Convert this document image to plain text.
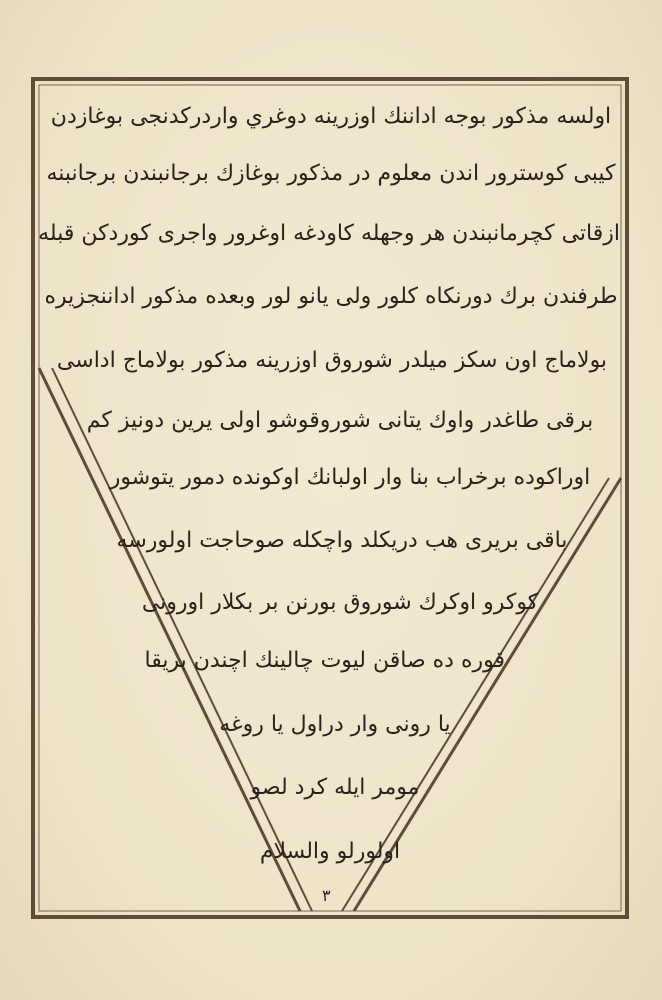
اولسه مذكور بوجه اداننك اوزرينه دوغري واردركدنجى بوغازدن
كيبى كوسترور اندن معلوم در مذكور بوغازك برجانبندن برجانبنه
ازقاتى كچرمانبندن هر وجهله كاودغه اوغرور واجرى كوردكن قبله
طرفندن برك دورنكاه كلور ولى يانو لور وبعده مذكور اداننجزيره
بولاماج اون سكز ميلدر شوروق اوزرينه مذكور بولاماج اداسى
برقى طاغدر واوك يتانى شوروقوشو اولى يرين دونيز كم
اوراكوده برخراب بنا وار اولبانك اوكونده دمور يتوشور
باقى بريرى هب دريكلد واچكله صوحاجت اولورسه
كوكرو اوكرك شوروق بورنن بر بكلار اورونى
قوره ده صاقن ليوت چالينك اچندن بريقا
يا رونى وار دراول يا روغه
مومر ايله كرد لصو
اولورلو والسلام
٣
